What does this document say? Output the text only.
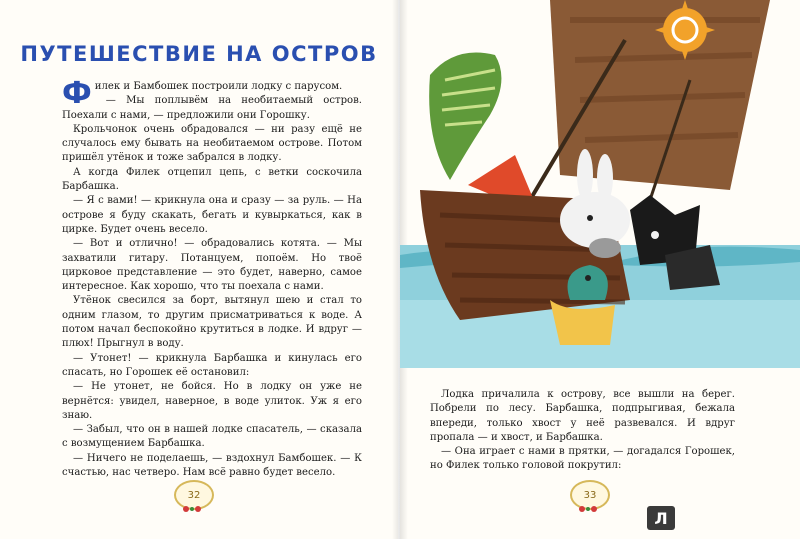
ПУТЕШЕСТВИЕ НА ОСТРОВ

Филек и Бамбошек построили лодку с парусом.

— Мы поплывём на необитаемый остров. Поехали с нами, — предложили они Горошку.

Крольчонок очень обрадовался — ни разу ещё не случалось ему бывать на необитаемом острове. Потом пришёл утёнок и тоже забрался в лодку.

А когда Филек отцепил цепь, с ветки соскочила Барбашка.

— Я с вами! — крикнула она и сразу — за руль. — На острове я буду скакать, бегать и кувыркаться, как в цирке. Будет очень весело.

— Вот и отлично! — обрадовались котята. — Мы захватили гитару. Потанцуем, попоём. Но твоё цирковое представление — это будет, наверно, самое интересное. Как хорошо, что ты поехала с нами.

Утёнок свесился за борт, вытянул шею и стал то одним глазом, то другим присматриваться к воде. А потом начал беспокойно крутиться в лодке. И вдруг — плюх! Прыгнул в воду.

— Утонет! — крикнула Барбашка и кинулась его спасать, но Горошек её остановил:

— Не утонет, не бойся. Но в лодку он уже не вернётся: увидел, наверное, в воде улиток. Уж я его знаю.

— Забыл, что он в нашей лодке спасатель, — сказала с возмущением Барбашка.

— Ничего не поделаешь, — вздохнул Бамбошек. — К счастью, нас четверо. Нам всё равно будет весело.

32	33

Лодка причалила к острову, все вышли на берег. Побрели по лесу. Барбашка, подпрыгивая, бежала впереди, только хвост у неё развевался. И вдруг пропала — и хвост, и Барбашка.

— Она играет с нами в прятки, — догадался Горошек, но Филек только головой покрутил:

Л
